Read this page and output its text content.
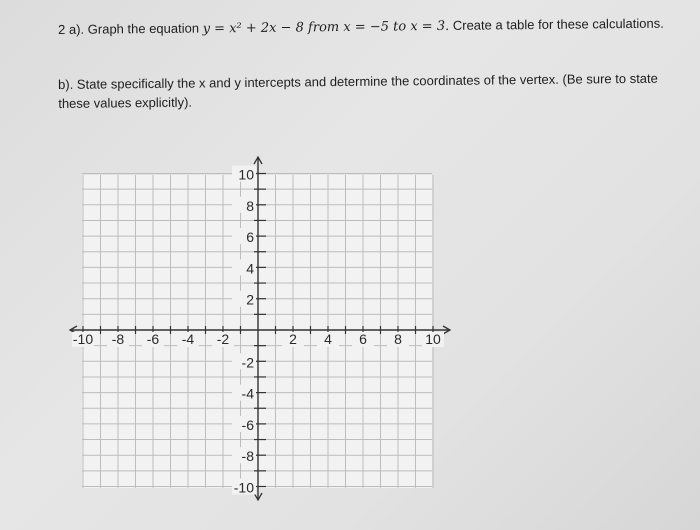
2 a). Graph the equation y = x² + 2x − 8 from x = −5 to x = 3. Create a table for these calculations.
b). State specifically the x and y intercepts and determine the coordinates of the vertex. (Be sure to state these values explicitly).
-10 -8 -6 -4 -2	2 4 6 8 10
10
8
6
4
2
-2
-4
-6
-8
-10
